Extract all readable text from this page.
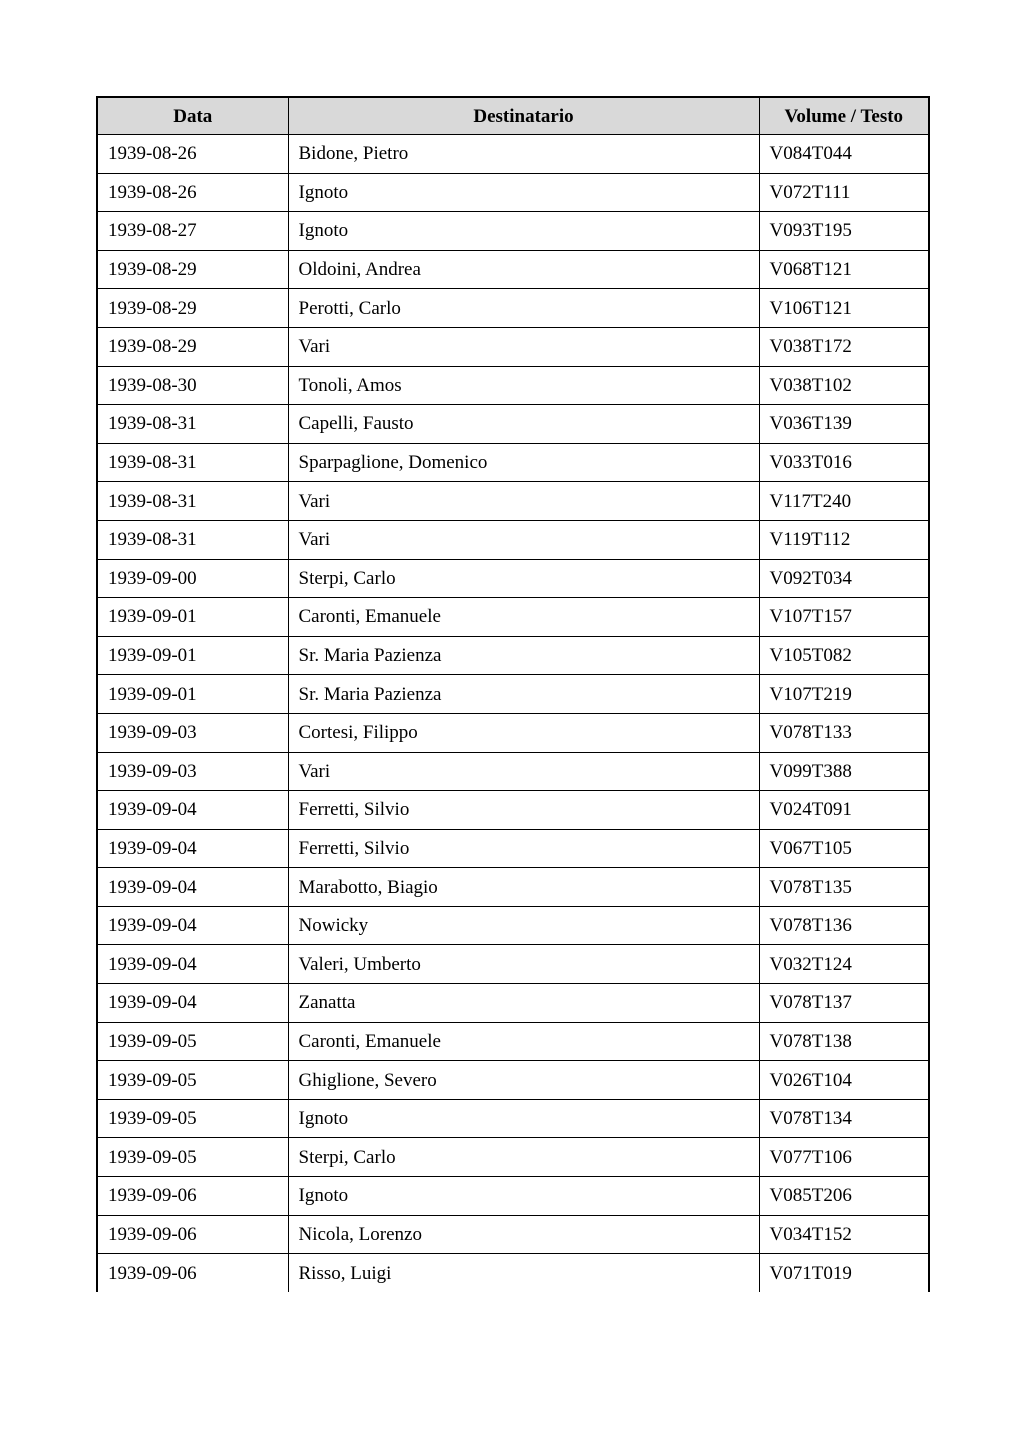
Data	Destinatario	Volume / Testo
1939-08-26	Bidone, Pietro	V084T044
1939-08-26	Ignoto	V072T111
1939-08-27	Ignoto	V093T195
1939-08-29	Oldoini, Andrea	V068T121
1939-08-29	Perotti, Carlo	V106T121
1939-08-29	Vari	V038T172
1939-08-30	Tonoli, Amos	V038T102
1939-08-31	Capelli, Fausto	V036T139
1939-08-31	Sparpaglione, Domenico	V033T016
1939-08-31	Vari	V117T240
1939-08-31	Vari	V119T112
1939-09-00	Sterpi, Carlo	V092T034
1939-09-01	Caronti, Emanuele	V107T157
1939-09-01	Sr. Maria Pazienza	V105T082
1939-09-01	Sr. Maria Pazienza	V107T219
1939-09-03	Cortesi, Filippo	V078T133
1939-09-03	Vari	V099T388
1939-09-04	Ferretti, Silvio	V024T091
1939-09-04	Ferretti, Silvio	V067T105
1939-09-04	Marabotto, Biagio	V078T135
1939-09-04	Nowicky	V078T136
1939-09-04	Valeri, Umberto	V032T124
1939-09-04	Zanatta	V078T137
1939-09-05	Caronti, Emanuele	V078T138
1939-09-05	Ghiglione, Severo	V026T104
1939-09-05	Ignoto	V078T134
1939-09-05	Sterpi, Carlo	V077T106
1939-09-06	Ignoto	V085T206
1939-09-06	Nicola, Lorenzo	V034T152
1939-09-06	Risso, Luigi	V071T019
